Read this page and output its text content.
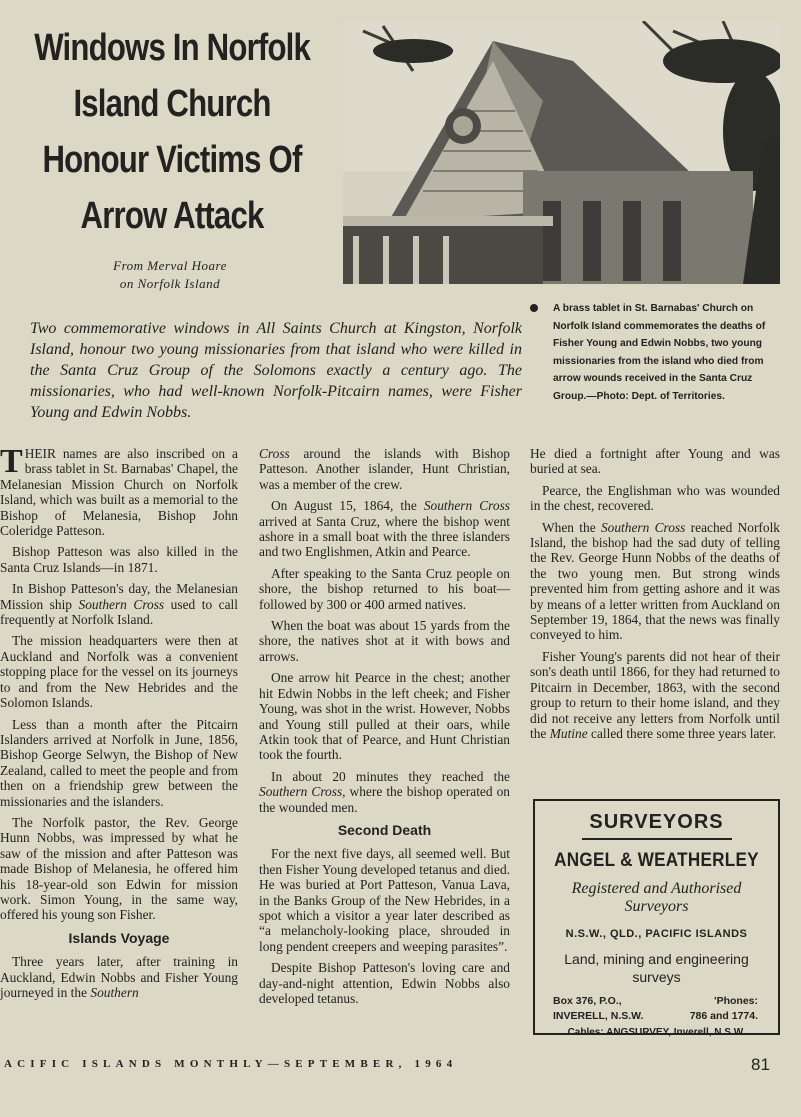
Windows In Norfolk
Island Church
Honour Victims Of
Arrow Attack
From Merval Hoare
on Norfolk Island

A brass tablet in St. Barnabas' Church on Norfolk Island commemorates the deaths of Fisher Young and Edwin Nobbs, two young missionaries from the island who died from arrow wounds received in the Santa Cruz Group.—Photo: Dept. of Territories.

Two commemorative windows in All Saints Church at Kingston, Norfolk Island, honour two young missionaries from that island who were killed in the Santa Cruz Group of the Solomons exactly a century ago. The missionaries, who had well-known Norfolk-Pitcairn names, were Fisher Young and Edwin Nobbs.

THEIR names are also inscribed on a brass tablet in St. Barnabas' Chapel, the Melanesian Mission Church on Norfolk Island, which was built as a memorial to the Bishop of Melanesia, Bishop John Coleridge Patteson.

Bishop Patteson was also killed in the Santa Cruz Islands—in 1871.

In Bishop Patteson's day, the Melanesian Mission ship Southern Cross used to call frequently at Norfolk Island.

The mission headquarters were then at Auckland and Norfolk was a convenient stopping place for the vessel on its journeys to and from the New Hebrides and the Solomon Islands.

Less than a month after the Pitcairn Islanders arrived at Norfolk in June, 1856, Bishop George Selwyn, the Bishop of New Zealand, called to meet the people and from then on a friendship grew between the missionaries and the islanders.

The Norfolk pastor, the Rev. George Hunn Nobbs, was impressed by what he saw of the mission and after Patteson was made Bishop of Melanesia, he offered him his 18-year-old son Edwin for mission work. Simon Young, in the same way, offered his young son Fisher.

Islands Voyage

Three years later, after training in Auckland, Edwin Nobbs and Fisher Young journeyed in the Southern

Cross around the islands with Bishop Patteson. Another islander, Hunt Christian, was a member of the crew.

On August 15, 1864, the Southern Cross arrived at Santa Cruz, where the bishop went ashore in a small boat with the three islanders and two Englishmen, Atkin and Pearce.

After speaking to the Santa Cruz people on shore, the bishop returned to his boat—followed by 300 or 400 armed natives.

When the boat was about 15 yards from the shore, the natives shot at it with bows and arrows.

One arrow hit Pearce in the chest; another hit Edwin Nobbs in the left cheek; and Fisher Young, was shot in the wrist. However, Nobbs and Young still pulled at their oars, while Atkin took that of Pearce, and Hunt Christian took the fourth.

In about 20 minutes they reached the Southern Cross, where the bishop operated on the wounded men.

Second Death

For the next five days, all seemed well. But then Fisher Young developed tetanus and died. He was buried at Port Patteson, Vanua Lava, in the Banks Group of the New Hebrides, in a spot which a visitor a year later described as “a melancholy-looking place, shrouded in long pendent creepers and weeping parasites”.

Despite Bishop Patteson's loving care and day-and-night attention, Edwin Nobbs also developed tetanus.

He died a fortnight after Young and was buried at sea.

Pearce, the Englishman who was wounded in the chest, recovered.

When the Southern Cross reached Norfolk Island, the bishop had the sad duty of telling the Rev. George Hunn Nobbs of the deaths of the two young men. But strong winds prevented him from getting ashore and it was by means of a letter written from Auckland on September 19, 1864, that the news was finally conveyed to him.

Fisher Young's parents did not hear of their son's death until 1866, for they had returned to Pitcairn in December, 1863, with the second group to return to their home island, and they did not receive any letters from Norfolk until the Mutine called there some three years later.

SURVEYORS
ANGEL & WEATHERLEY
Registered and Authorised
Surveyors
N.S.W., QLD., PACIFIC ISLANDS
Land, mining and engineering
surveys
Box 376, P.O.,
INVERELL, N.S.W.
'Phones:
786 and 1774.
Cables: ANGSURVEY, Inverell, N.S.W.
ACIFIC ISLANDS MONTHLY—SEPTEMBER, 1964	81
